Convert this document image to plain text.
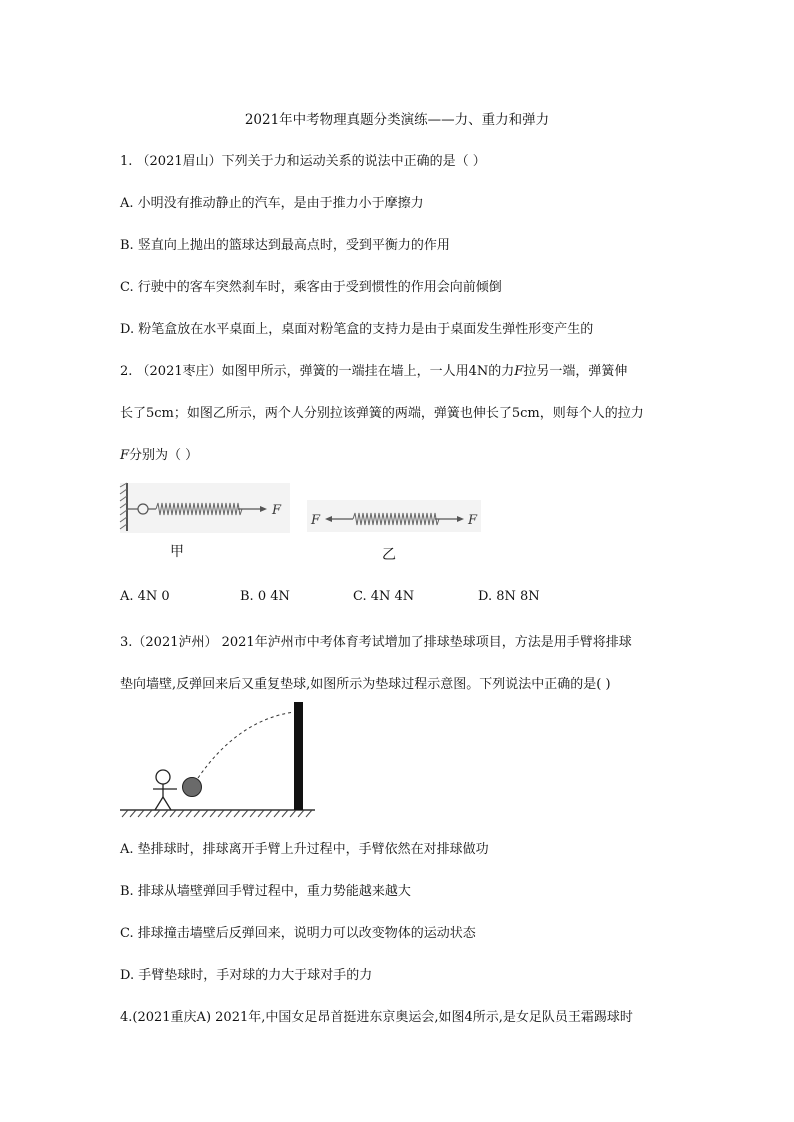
2021年中考物理真题分类演练——力、重力和弹力
1. （2021眉山）下列关于力和运动关系的说法中正确的是（ ）
A. 小明没有推动静止的汽车，是由于推力小于摩擦力
B. 竖直向上抛出的篮球达到最高点时，受到平衡力的作用
C. 行驶中的客车突然刹车时，乘客由于受到惯性的作用会向前倾倒
D. 粉笔盒放在水平桌面上，桌面对粉笔盒的支持力是由于桌面发生弹性形变产生的
2. （2021枣庄）如图甲所示，弹簧的一端挂在墙上，一人用4N的力F拉另一端，弹簧伸
长了5cm；如图乙所示，两个人分别拉该弹簧的两端，弹簧也伸长了5cm，则每个人的拉力
F分别为（ ）
F
F	F
甲	乙
A. 4N 0	B. 0 4N	C. 4N 4N	D. 8N 8N
3.（2021泸州） 2021年泸州市中考体育考试增加了排球垫球项目，方法是用手臂将排球
垫向墙壁,反弹回来后又重复垫球,如图所示为垫球过程示意图。下列说法中正确的是( )
A. 垫排球时，排球离开手臂上升过程中，手臂依然在对排球做功
B. 排球从墙壁弹回手臂过程中，重力势能越来越大
C. 排球撞击墙壁后反弹回来，说明力可以改变物体的运动状态
D. 手臂垫球时，手对球的力大于球对手的力
4.(2021重庆A) 2021年,中国女足昂首挺进东京奥运会,如图4所示,是女足队员王霜踢球时
